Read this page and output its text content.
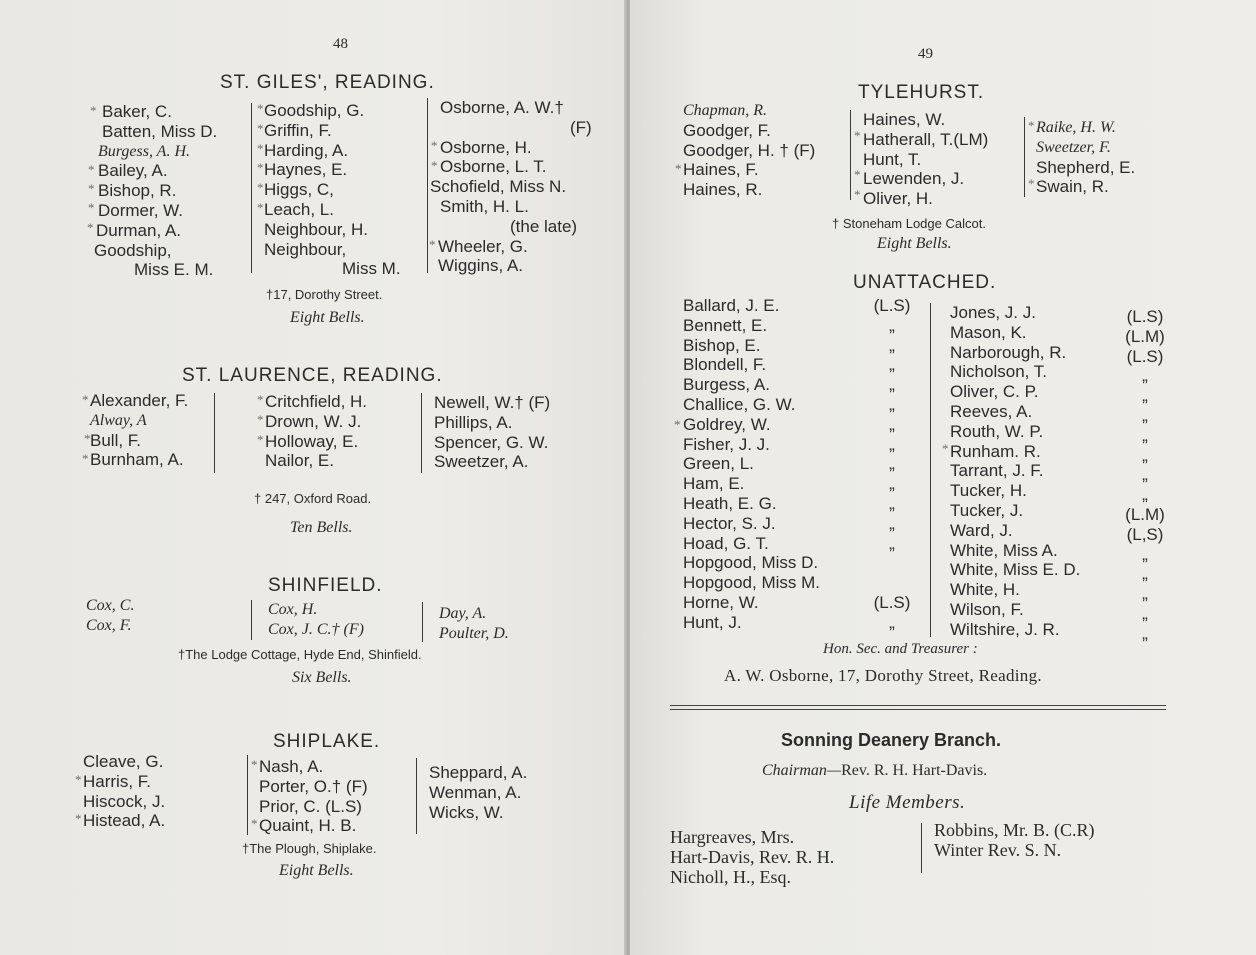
48
ST. GILES', READING.
Baker, C.
Batten, Miss D.
Burgess, A. H.
Bailey, A.
Bishop, R.
Dormer, W.
Durman, A.
Goodship,
Miss E. M.
*
*
*
*
*
Goodship, G.
Griffin, F.
Harding, A.
Haynes, E.
Higgs, C,
Leach, L.
Neighbour, H.
Neighbour,
Miss M.
*
*
*
*
*
*
Osborne, A. W.†
(F)
Osborne, H.
Osborne, L. T.
Schofield, Miss N.
Smith, H. L.
(the late)
Wheeler, G.
Wiggins, A.
*
*
*
†17, Dorothy Street.
Eight Bells.
ST. LAURENCE, READING.
Alexander, F.
Alway, A
Bull, F.
Burnham, A.
*
*
*
Critchfield, H.
Drown, W. J.
Holloway, E.
Nailor, E.
*
*
*
Newell, W.† (F)
Phillips, A.
Spencer, G. W.
Sweetzer, A.
† 247, Oxford Road.
Ten Bells.
SHINFIELD.
Cox, C.
Cox, F.
Cox, H.
Cox, J. C.† (F)
Day, A.
Poulter, D.
†The Lodge Cottage, Hyde End, Shinfield.
Six Bells.
SHIPLAKE.
Cleave, G.
Harris, F.
Hiscock, J.
Histead, A.
*
*
Nash, A.
Porter, O.† (F)
Prior, C. (L.S)
Quaint, H. B.
*
*
Sheppard, A.
Wenman, A.
Wicks, W.
†The Plough, Shiplake.
Eight Bells.
49
TYLEHURST.
Chapman, R.
Goodger, F.
Goodger, H. † (F)
Haines, F.
Haines, R.
*
Haines, W.
Hatherall, T.(LM)
Hunt, T.
Lewenden, J.
Oliver, H.
*
*
*
Raike, H. W.
Sweetzer, F.
Shepherd, E.
Swain, R.
*
*
† Stoneham Lodge Calcot.
Eight Bells.
UNATTACHED.
Ballard, J. E.
Bennett, E.
Bishop, E.
Blondell, F.
Burgess, A.
Challice, G. W.
Goldrey, W.
Fisher, J. J.
Green, L.
Ham, E.
Heath, E. G.
Hector, S. J.
Hoad, G. T.
Hopgood, Miss D.
Hopgood, Miss M.
Horne, W.
Hunt, J.
*
(L.S)
„
„
„
„
„
„
„
„
„
„
„
„

(L.S)
„
Jones, J. J.
Mason, K.
Narborough, R.
Nicholson, T.
Oliver, C. P.
Reeves, A.
Routh, W. P.
Runham. R.
Tarrant, J. F.
Tucker, H.
Tucker, J.
Ward, J.
White, Miss A.
White, Miss E. D.
White, H.
Wilson, F.
Wiltshire, J. R.
*
(L.S)
(L.M)
(L.S)
„
„
„
„
„
„
„
(L.M)
(L,S)
„
„
„
„
„
Hon. Sec. and Treasurer :
A. W. Osborne, 17, Dorothy Street, Reading.
Sonning Deanery Branch.
Chairman—Rev. R. H. Hart-Davis.
Life Members.
Hargreaves, Mrs.
Hart-Davis, Rev. R. H.
Nicholl, H., Esq.
Robbins, Mr. B. (C.R)
Winter Rev. S. N.
